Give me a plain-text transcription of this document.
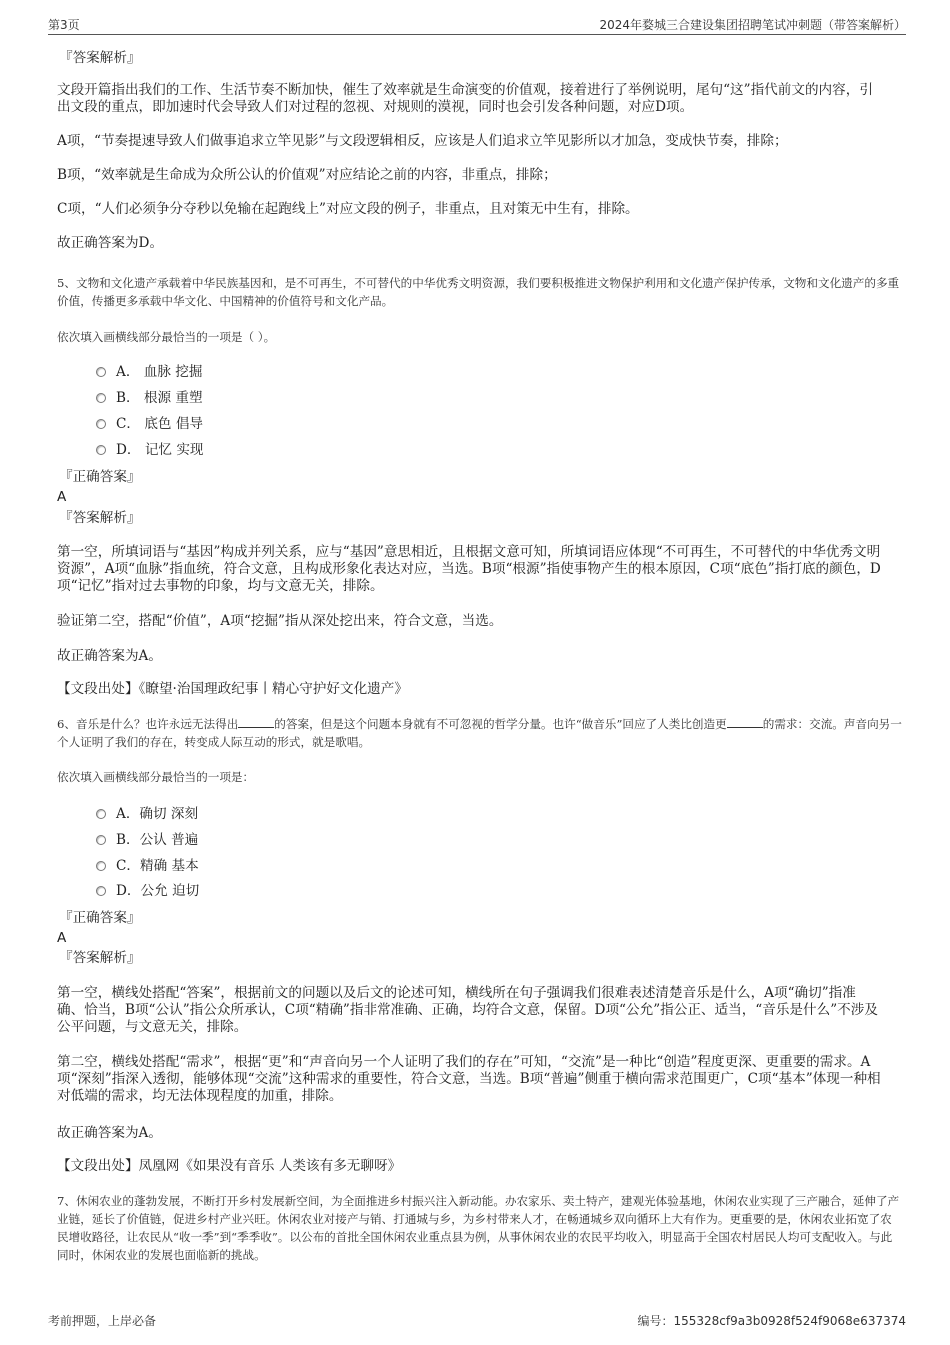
第3页	2024年婺城三合建设集团招聘笔试冲刺题（带答案解析）
『答案解析』
文段开篇指出我们的工作、生活节奏不断加快，催生了效率就是生命演变的价值观，接着进行了举例说明，尾句“这”指代前文的内容，引出文段的重点，即加速时代会导致人们对过程的忽视、对规则的漠视，同时也会引发各种问题，对应D项。
A项，“节奏提速导致人们做事追求立竿见影”与文段逻辑相反，应该是人们追求立竿见影所以才加急，变成快节奏，排除；
B项，“效率就是生命成为众所公认的价值观”对应结论之前的内容，非重点，排除；
C项，“人们必须争分夺秒以免输在起跑线上”对应文段的例子，非重点，且对策无中生有，排除。
故正确答案为D。
5、文物和文化遗产承载着中华民族基因和，是不可再生，不可替代的中华优秀文明资源，我们要积极推进文物保护利用和文化遗产保护传承，文物和文化遗产的多重价值，传播更多承载中华文化、中国精神的价值符号和文化产品。
依次填入画横线部分最恰当的一项是（ ）。
A． 血脉 挖掘
B． 根源 重塑
C． 底色 倡导
D． 记忆 实现
『正确答案』
A
『答案解析』
第一空，所填词语与“基因”构成并列关系，应与“基因”意思相近，且根据文意可知，所填词语应体现“不可再生，不可替代的中华优秀文明资源”，A项“血脉”指血统，符合文意，且构成形象化表达对应，当选。B项“根源”指使事物产生的根本原因，C项“底色”指打底的颜色，D项“记忆”指对过去事物的印象，均与文意无关，排除。
验证第二空，搭配“价值”，A项“挖掘”指从深处挖出来，符合文意，当选。
故正确答案为A。
【文段出处】《瞭望·治国理政纪事丨精心守护好文化遗产》
6、音乐是什么？也许永远无法得出	的答案，但是这个问题本身就有不可忽视的哲学分量。也许“做音乐”回应了人类比创造更	的需求：交流。声音向另一个人证明了我们的存在，转变成人际互动的形式，就是歌唱。
依次填入画横线部分最恰当的一项是：
A．确切 深刻
B．公认 普遍
C．精确 基本
D．公允 迫切
『正确答案』
A
『答案解析』
第一空，横线处搭配“答案”，根据前文的问题以及后文的论述可知，横线所在句子强调我们很难表述清楚音乐是什么，A项“确切”指准确、恰当，B项“公认”指公众所承认，C项“精确”指非常准确、正确，均符合文意，保留。D项“公允”指公正、适当，“音乐是什么”不涉及公平问题，与文意无关，排除。
第二空，横线处搭配“需求”，根据“更”和“声音向另一个人证明了我们的存在”可知，“交流”是一种比“创造”程度更深、更重要的需求。A项“深刻”指深入透彻，能够体现“交流”这种需求的重要性，符合文意，当选。B项“普遍”侧重于横向需求范围更广，C项“基本”体现一种相对低端的需求，均无法体现程度的加重，排除。
故正确答案为A。
【文段出处】凤凰网《如果没有音乐 人类该有多无聊呀》
7、休闲农业的蓬勃发展，不断打开乡村发展新空间，为全面推进乡村振兴注入新动能。办农家乐、卖土特产，建观光体验基地，休闲农业实现了三产融合，延伸了产业链，延长了价值链，促进乡村产业兴旺。休闲农业对接产与销、打通城与乡，为乡村带来人才，在畅通城乡双向循环上大有作为。更重要的是，休闲农业拓宽了农民增收路径，让农民从“收一季”到“季季收”。以公布的首批全国休闲农业重点县为例，从事休闲农业的农民平均收入，明显高于全国农村居民人均可支配收入。与此同时，休闲农业的发展也面临新的挑战。
考前押题，上岸必备	编号：155328cf9a3b0928f524f9068e637374
